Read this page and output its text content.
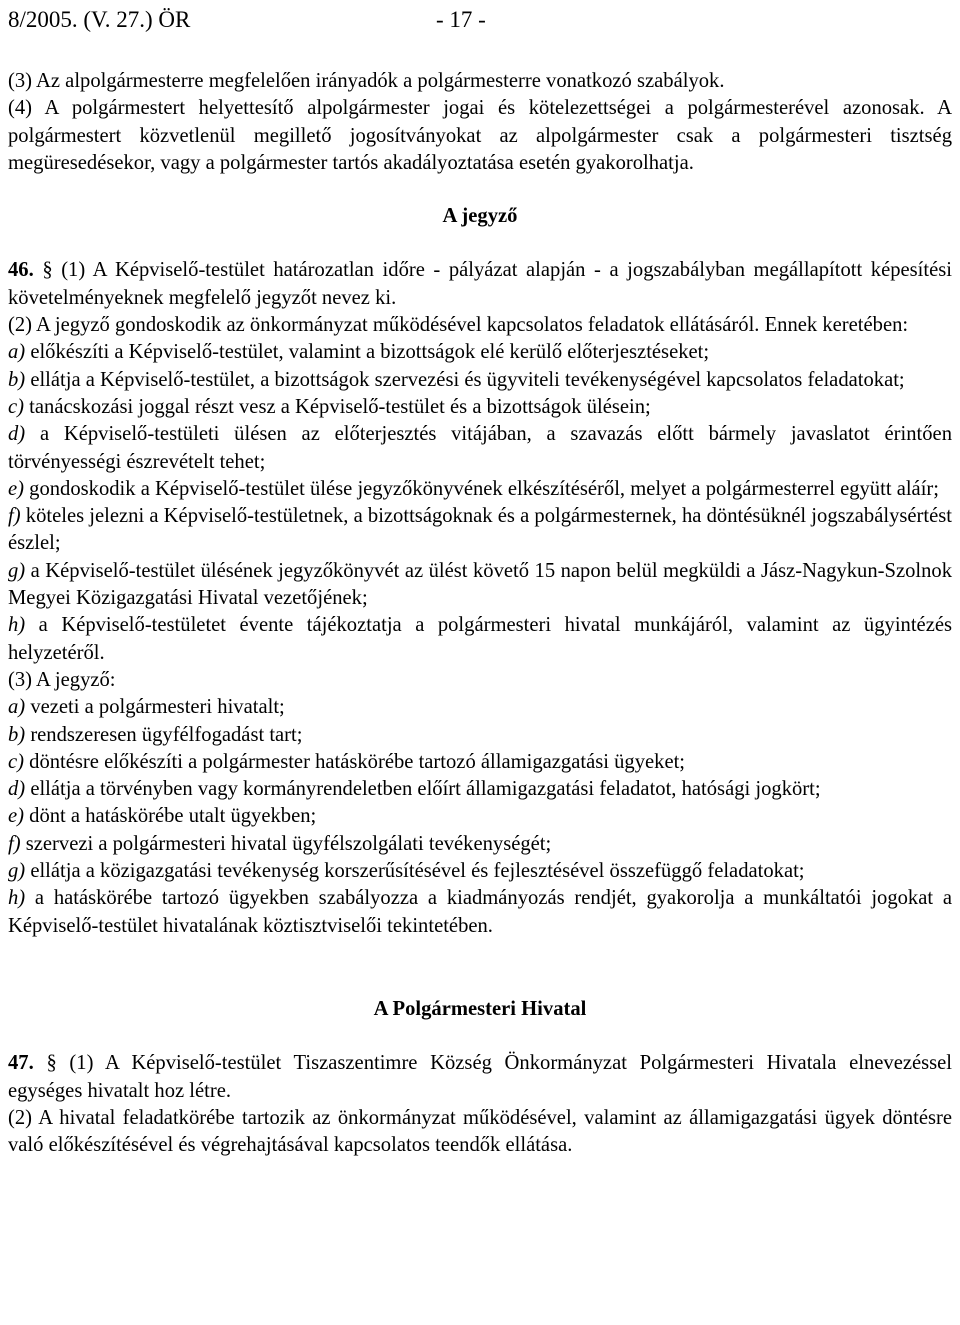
8/2005. (V. 27.) ÖR	- 17 -

(3) Az alpolgármesterre megfelelően irányadók a polgármesterre vonatkozó szabályok.

(4) A polgármestert helyettesítő alpolgármester jogai és kötelezettségei a polgármesterével azonosak. A polgármestert közvetlenül megillető jogosítványokat az alpolgármester csak a polgármesteri tisztség megüresedésekor, vagy a polgármester tartós akadályoztatása esetén gyakorolhatja.

A jegyző

46. § (1) A Képviselő-testület határozatlan időre - pályázat alapján - a jogszabályban megállapított képesítési követelményeknek megfelelő jegyzőt nevez ki.

(2) A jegyző gondoskodik az önkormányzat működésével kapcsolatos feladatok ellátásáról. Ennek keretében:

a) előkészíti a Képviselő-testület, valamint a bizottságok elé kerülő előterjesztéseket;

b) ellátja a Képviselő-testület, a bizottságok szervezési és ügyviteli tevékenységével kapcsolatos feladatokat;

c) tanácskozási joggal részt vesz a Képviselő-testület és a bizottságok ülésein;

d) a Képviselő-testületi ülésen az előterjesztés vitájában, a szavazás előtt bármely javaslatot érintően törvényességi észrevételt tehet;

e) gondoskodik a Képviselő-testület ülése jegyzőkönyvének elkészítéséről, melyet a polgármesterrel együtt aláír;

f) köteles jelezni a Képviselő-testületnek, a bizottságoknak és a polgármesternek, ha döntésüknél jogszabálysértést észlel;

g) a Képviselő-testület ülésének jegyzőkönyvét az ülést követő 15 napon belül megküldi a Jász-Nagykun-Szolnok Megyei Közigazgatási Hivatal vezetőjének;

h) a Képviselő-testületet évente tájékoztatja a polgármesteri hivatal munkájáról, valamint az ügyintézés helyzetéről.

(3) A jegyző:

a) vezeti a polgármesteri hivatalt;

b) rendszeresen ügyfélfogadást tart;

c) döntésre előkészíti a polgármester hatáskörébe tartozó államigazgatási ügyeket;

d) ellátja a törvényben vagy kormányrendeletben előírt államigazgatási feladatot, hatósági jogkört;

e) dönt a hatáskörébe utalt ügyekben;

f) szervezi a polgármesteri hivatal ügyfélszolgálati tevékenységét;

g) ellátja a közigazgatási tevékenység korszerűsítésével és fejlesztésével összefüggő feladatokat;

h) a hatáskörébe tartozó ügyekben szabályozza a kiadmányozás rendjét, gyakorolja a munkáltatói jogokat a Képviselő-testület hivatalának köztisztviselői tekintetében.

A Polgármesteri Hivatal

47. § (1) A Képviselő-testület Tiszaszentimre Község Önkormányzat Polgármesteri Hivatala elnevezéssel egységes hivatalt hoz létre.

(2) A hivatal feladatkörébe tartozik az önkormányzat működésével, valamint az államigazgatási ügyek döntésre való előkészítésével és végrehajtásával kapcsolatos teendők ellátása.
